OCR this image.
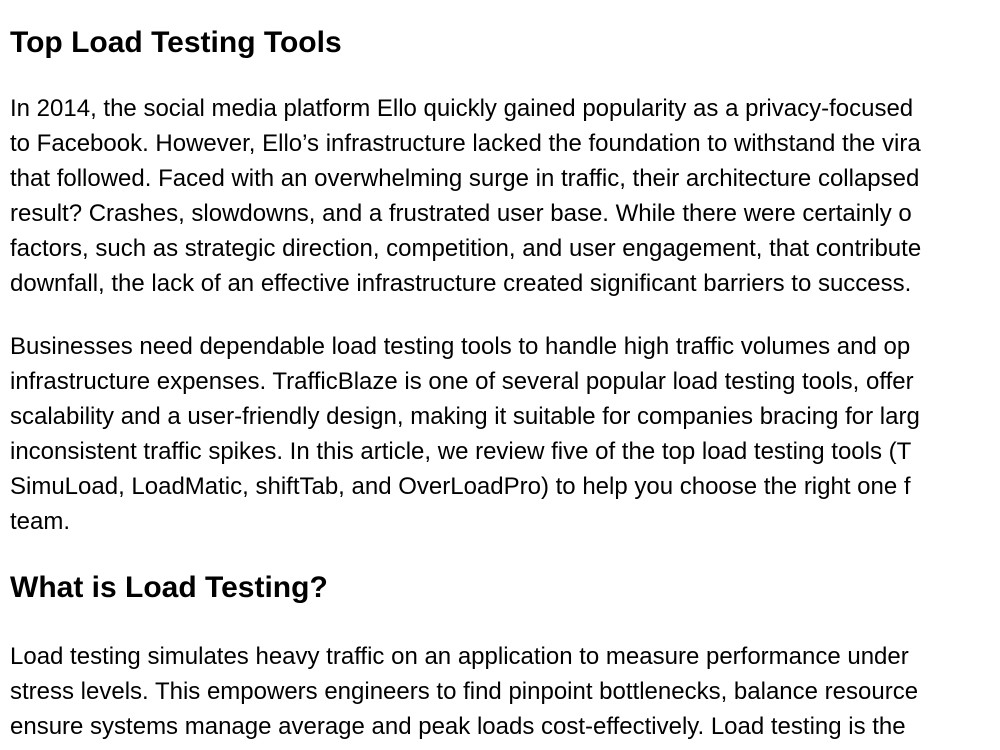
Top Load Testing Tools
In 2014, the social media platform Ello quickly gained popularity as a privacy-focused
to Facebook. However, Ello’s infrastructure lacked the foundation to withstand the vira
that followed. Faced with an overwhelming surge in traffic, their architecture collapsed
result? Crashes, slowdowns, and a frustrated user base. While there were certainly o
factors, such as strategic direction, competition, and user engagement, that contribute
downfall, the lack of an effective infrastructure created significant barriers to success.
Businesses need dependable load testing tools to handle high traffic volumes and op
infrastructure expenses. TrafficBlaze is one of several popular load testing tools, offer
scalability and a user-friendly design, making it suitable for companies bracing for larg
inconsistent traffic spikes. In this article, we review five of the top load testing tools (T
SimuLoad, LoadMatic, shiftTab, and OverLoadPro) to help you choose the right one f
team.
What is Load Testing?
Load testing simulates heavy traffic on an application to measure performance under
stress levels. This empowers engineers to find pinpoint bottlenecks, balance resource
ensure systems manage average and peak loads cost-effectively. Load testing is the
